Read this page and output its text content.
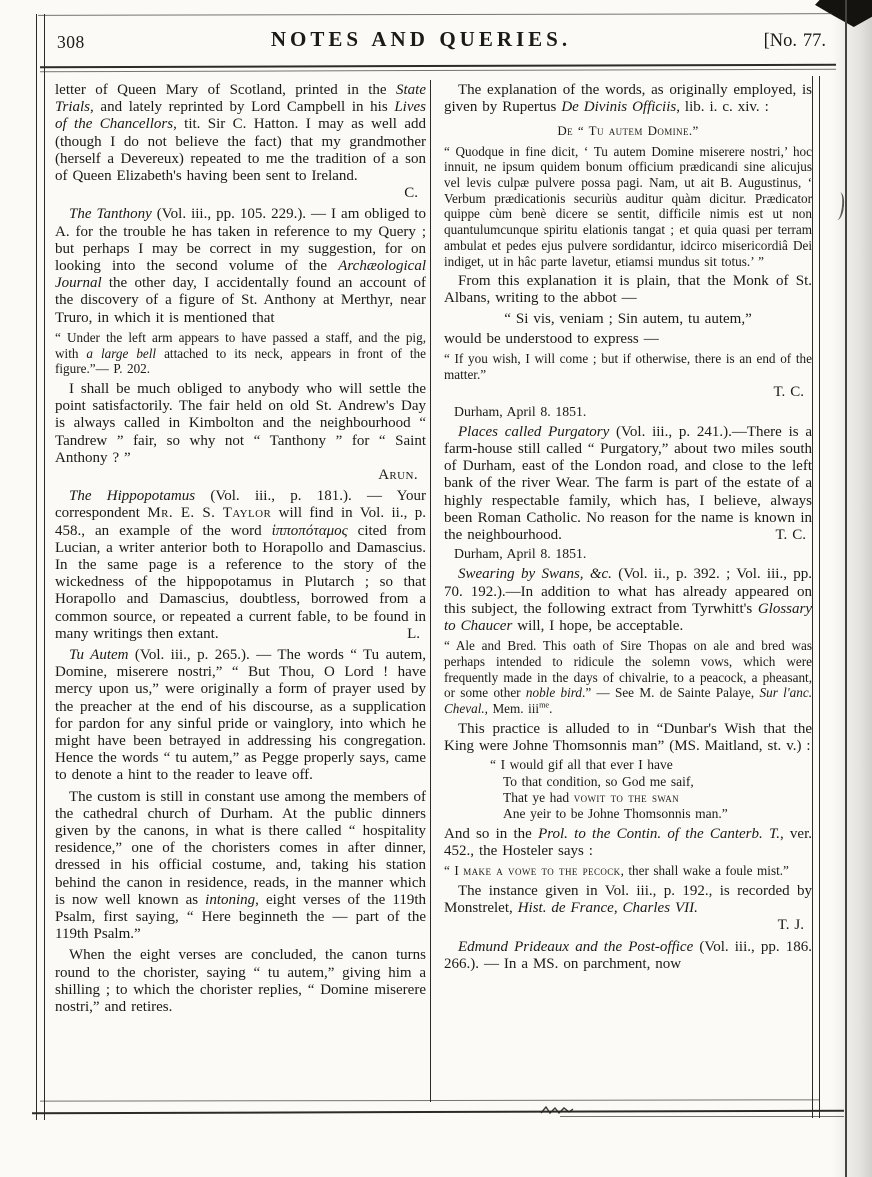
308	NOTES AND QUERIES.	[No. 77.
letter of Queen Mary of Scotland, printed in the State Trials, and lately reprinted by Lord Campbell in his Lives of the Chancellors, tit. Sir C. Hatton. I may as well add (though I do not believe the fact) that my grandmother (herself a Devereux) repeated to me the tradition of a son of Queen Elizabeth's having been sent to Ireland.
C.
The Tanthony (Vol. iii., pp. 105. 229.). — I am obliged to A. for the trouble he has taken in reference to my Query ; but perhaps I may be correct in my suggestion, for on looking into the second volume of the Archæological Journal the other day, I accidentally found an account of the discovery of a figure of St. Anthony at Merthyr, near Truro, in which it is mentioned that
“ Under the left arm appears to have passed a staff, and the pig, with a large bell attached to its neck, appears in front of the figure.”— P. 202.
I shall be much obliged to anybody who will settle the point satisfactorily. The fair held on old St. Andrew's Day is always called in Kimbolton and the neighbourhood “ Tandrew ” fair, so why not “ Tanthony ” for “ Saint Anthony ? ”
Arun.
The Hippopotamus (Vol. iii., p. 181.). — Your correspondent Mr. E. S. Taylor will find in Vol. ii., p. 458., an example of the word ἱπποπόταμος cited from Lucian, a writer anterior both to Horapollo and Damascius. In the same page is a reference to the story of the wickedness of the hippopotamus in Plutarch ; so that Horapollo and Damascius, doubtless, borrowed from a common source, or repeated a current fable, to be found in many writings then extant.	L.
Tu Autem (Vol. iii., p. 265.). — The words “ Tu autem, Domine, miserere nostri,” “ But Thou, O Lord ! have mercy upon us,” were originally a form of prayer used by the preacher at the end of his discourse, as a supplication for pardon for any sinful pride or vainglory, into which he might have been betrayed in addressing his congregation. Hence the words “ tu autem,” as Pegge properly says, came to denote a hint to the reader to leave off.
The custom is still in constant use among the members of the cathedral church of Durham. At the public dinners given by the canons, in what is there called “ hospitality residence,” one of the choristers comes in after dinner, dressed in his official costume, and, taking his station behind the canon in residence, reads, in the manner which is now well known as intoning, eight verses of the 119th Psalm, first saying, “ Here beginneth the — part of the 119th Psalm.”
When the eight verses are concluded, the canon turns round to the chorister, saying “ tu autem,” giving him a shilling ; to which the chorister replies, “ Domine miserere nostri,” and retires.
The explanation of the words, as originally employed, is given by Rupertus De Divinis Officiis, lib. i. c. xiv. :
De “ Tu autem Domine.”
“ Quodque in fine dicit, ‘ Tu autem Domine miserere nostri,’ hoc innuit, ne ipsum quidem bonum officium prædicandi sine alicujus vel levis culpæ pulvere possa pagi. Nam, ut ait B. Augustinus, ‘ Verbum prædicationis securiùs auditur quàm dicitur. Prædicator quippe cùm benè dicere se sentit, difficile nimis est ut non quantulumcunque spiritu elationis tangat ; et quia quasi per terram ambulat et pedes ejus pulvere sordidantur, idcirco misericordiâ Dei indiget, ut in hâc parte lavetur, etiamsi mundus sit totus.’ ”
From this explanation it is plain, that the Monk of St. Albans, writing to the abbot —
“ Si vis, veniam ; Sin autem, tu autem,”
would be understood to express —
“ If you wish, I will come ; but if otherwise, there is an end of the matter.”
T. C.
Durham, April 8. 1851.
Places called Purgatory (Vol. iii., p. 241.).—There is a farm-house still called “ Purgatory,” about two miles south of Durham, east of the London road, and close to the left bank of the river Wear. The farm is part of the estate of a highly respectable family, which has, I believe, always been Roman Catholic. No reason for the name is known in the neighbourhood.	T. C.
Durham, April 8. 1851.
Swearing by Swans, &c. (Vol. ii., p. 392. ; Vol. iii., pp. 70. 192.).—In addition to what has already appeared on this subject, the following extract from Tyrwhitt's Glossary to Chaucer will, I hope, be acceptable.
“ Ale and Bred. This oath of Sire Thopas on ale and bred was perhaps intended to ridicule the solemn vows, which were frequently made in the days of chivalrie, to a peacock, a pheasant, or some other noble bird.” — See M. de Sainte Palaye, Sur l'anc. Cheval., Mem. iii$^{me}$.
This practice is alluded to in “Dunbar's Wish that the King were Johne Thomsonnis man” (MS. Maitland, st. v.) :
“ I would gif all that ever I have
To that condition, so God me saif,
That ye had vowit to the swan
Ane yeir to be Johne Thomsonnis man.”
And so in the Prol. to the Contin. of the Canterb. T., ver. 452., the Hosteler says :
“ I make a vowe to the pecock, ther shall wake a foule mist.”
The instance given in Vol. iii., p. 192., is recorded by Monstrelet, Hist. de France, Charles VII.
T. J.
Edmund Prideaux and the Post-office (Vol. iii., pp. 186. 266.). — In a MS. on parchment, now
